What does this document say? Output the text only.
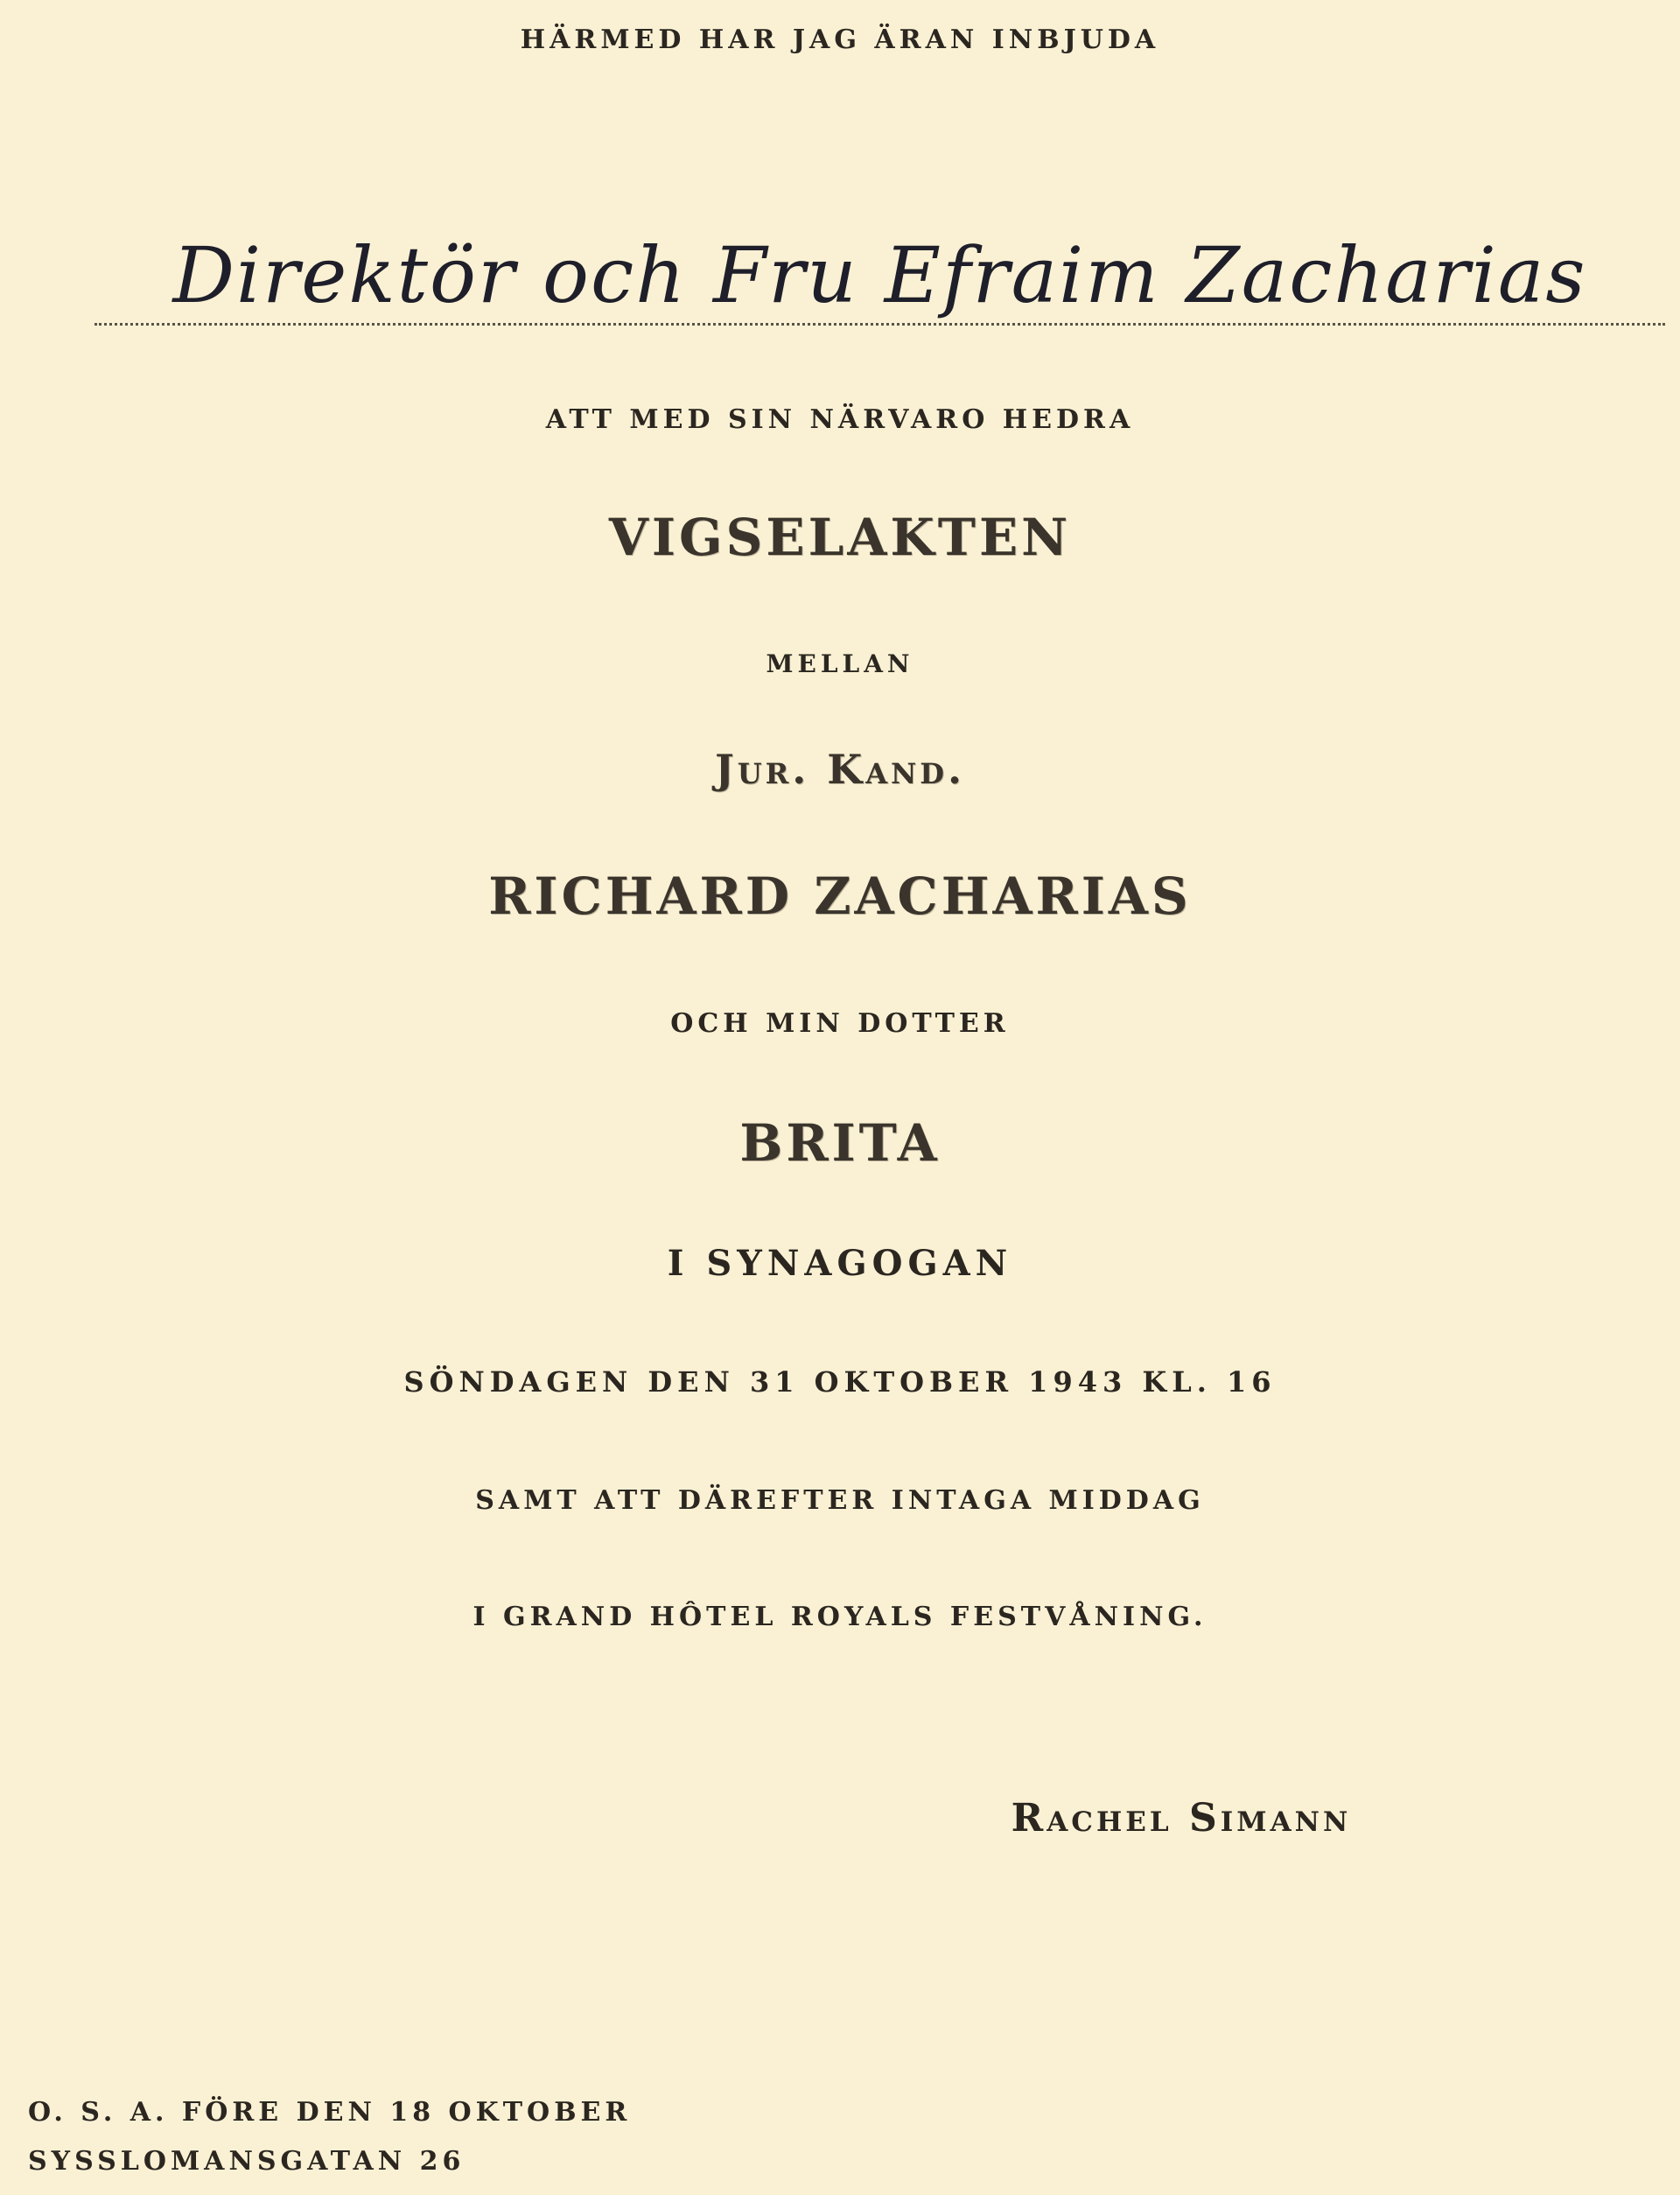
HÄRMED HAR JAG ÄRAN INBJUDA
Direktör och Fru Efraim Zacharias
ATT MED SIN NÄRVARO HEDRA
VIGSELAKTEN
MELLAN
Jur. Kand.
RICHARD ZACHARIAS
OCH MIN DOTTER
BRITA
I SYNAGOGAN
SÖNDAGEN DEN 31 OKTOBER 1943 KL. 16
SAMT ATT DÄREFTER INTAGA MIDDAG
I GRAND HÔTEL ROYALS FESTVÅNING.
Rachel Simann
O. S. A. FÖRE DEN 18 OKTOBER
SYSSLOMANSGATAN 26
